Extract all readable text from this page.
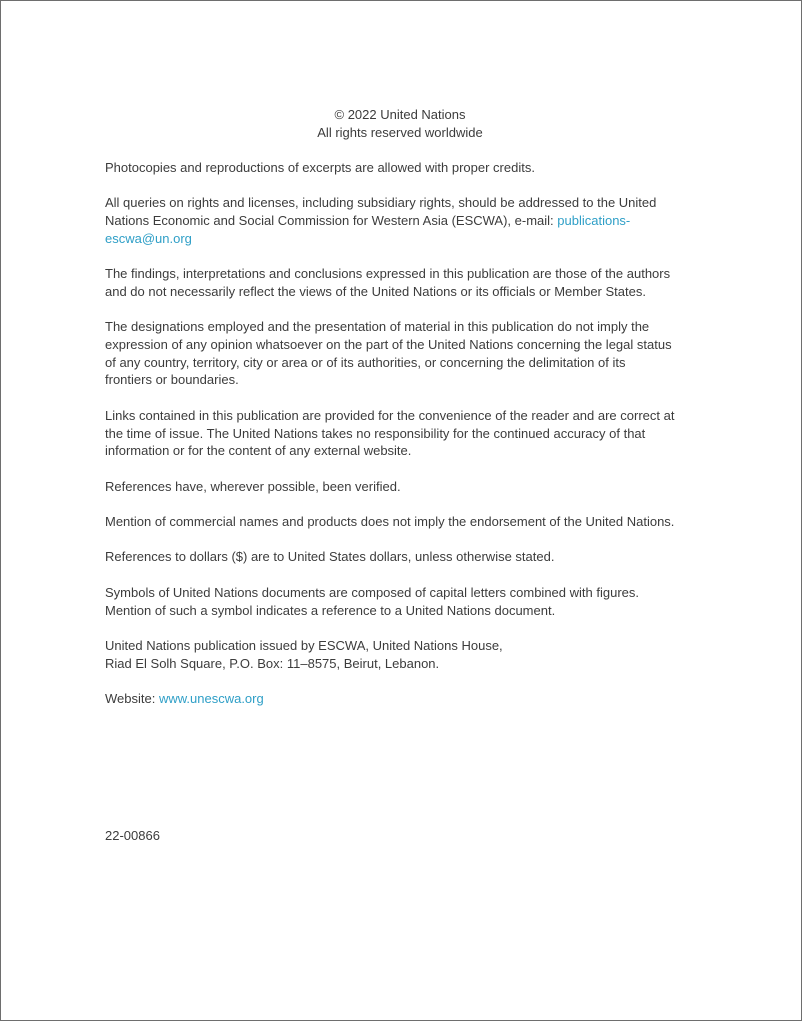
© 2022 United Nations
All rights reserved worldwide

Photocopies and reproductions of excerpts are allowed with proper credits.

All queries on rights and licenses, including subsidiary rights, should be addressed to the United
Nations Economic and Social Commission for Western Asia (ESCWA), e-mail: publications-
escwa@un.org

The findings, interpretations and conclusions expressed in this publication are those of the authors
and do not necessarily reflect the views of the United Nations or its officials or Member States.

The designations employed and the presentation of material in this publication do not imply the
expression of any opinion whatsoever on the part of the United Nations concerning the legal status
of any country, territory, city or area or of its authorities, or concerning the delimitation of its
frontiers or boundaries.

Links contained in this publication are provided for the convenience of the reader and are correct at
the time of issue. The United Nations takes no responsibility for the continued accuracy of that
information or for the content of any external website.

References have, wherever possible, been verified.

Mention of commercial names and products does not imply the endorsement of the United Nations.

References to dollars ($) are to United States dollars, unless otherwise stated.

Symbols of United Nations documents are composed of capital letters combined with figures.
Mention of such a symbol indicates a reference to a United Nations document.

United Nations publication issued by ESCWA, United Nations House,
Riad El Solh Square, P.O. Box: 11–8575, Beirut, Lebanon.

Website: www.unescwa.org

22-00866
